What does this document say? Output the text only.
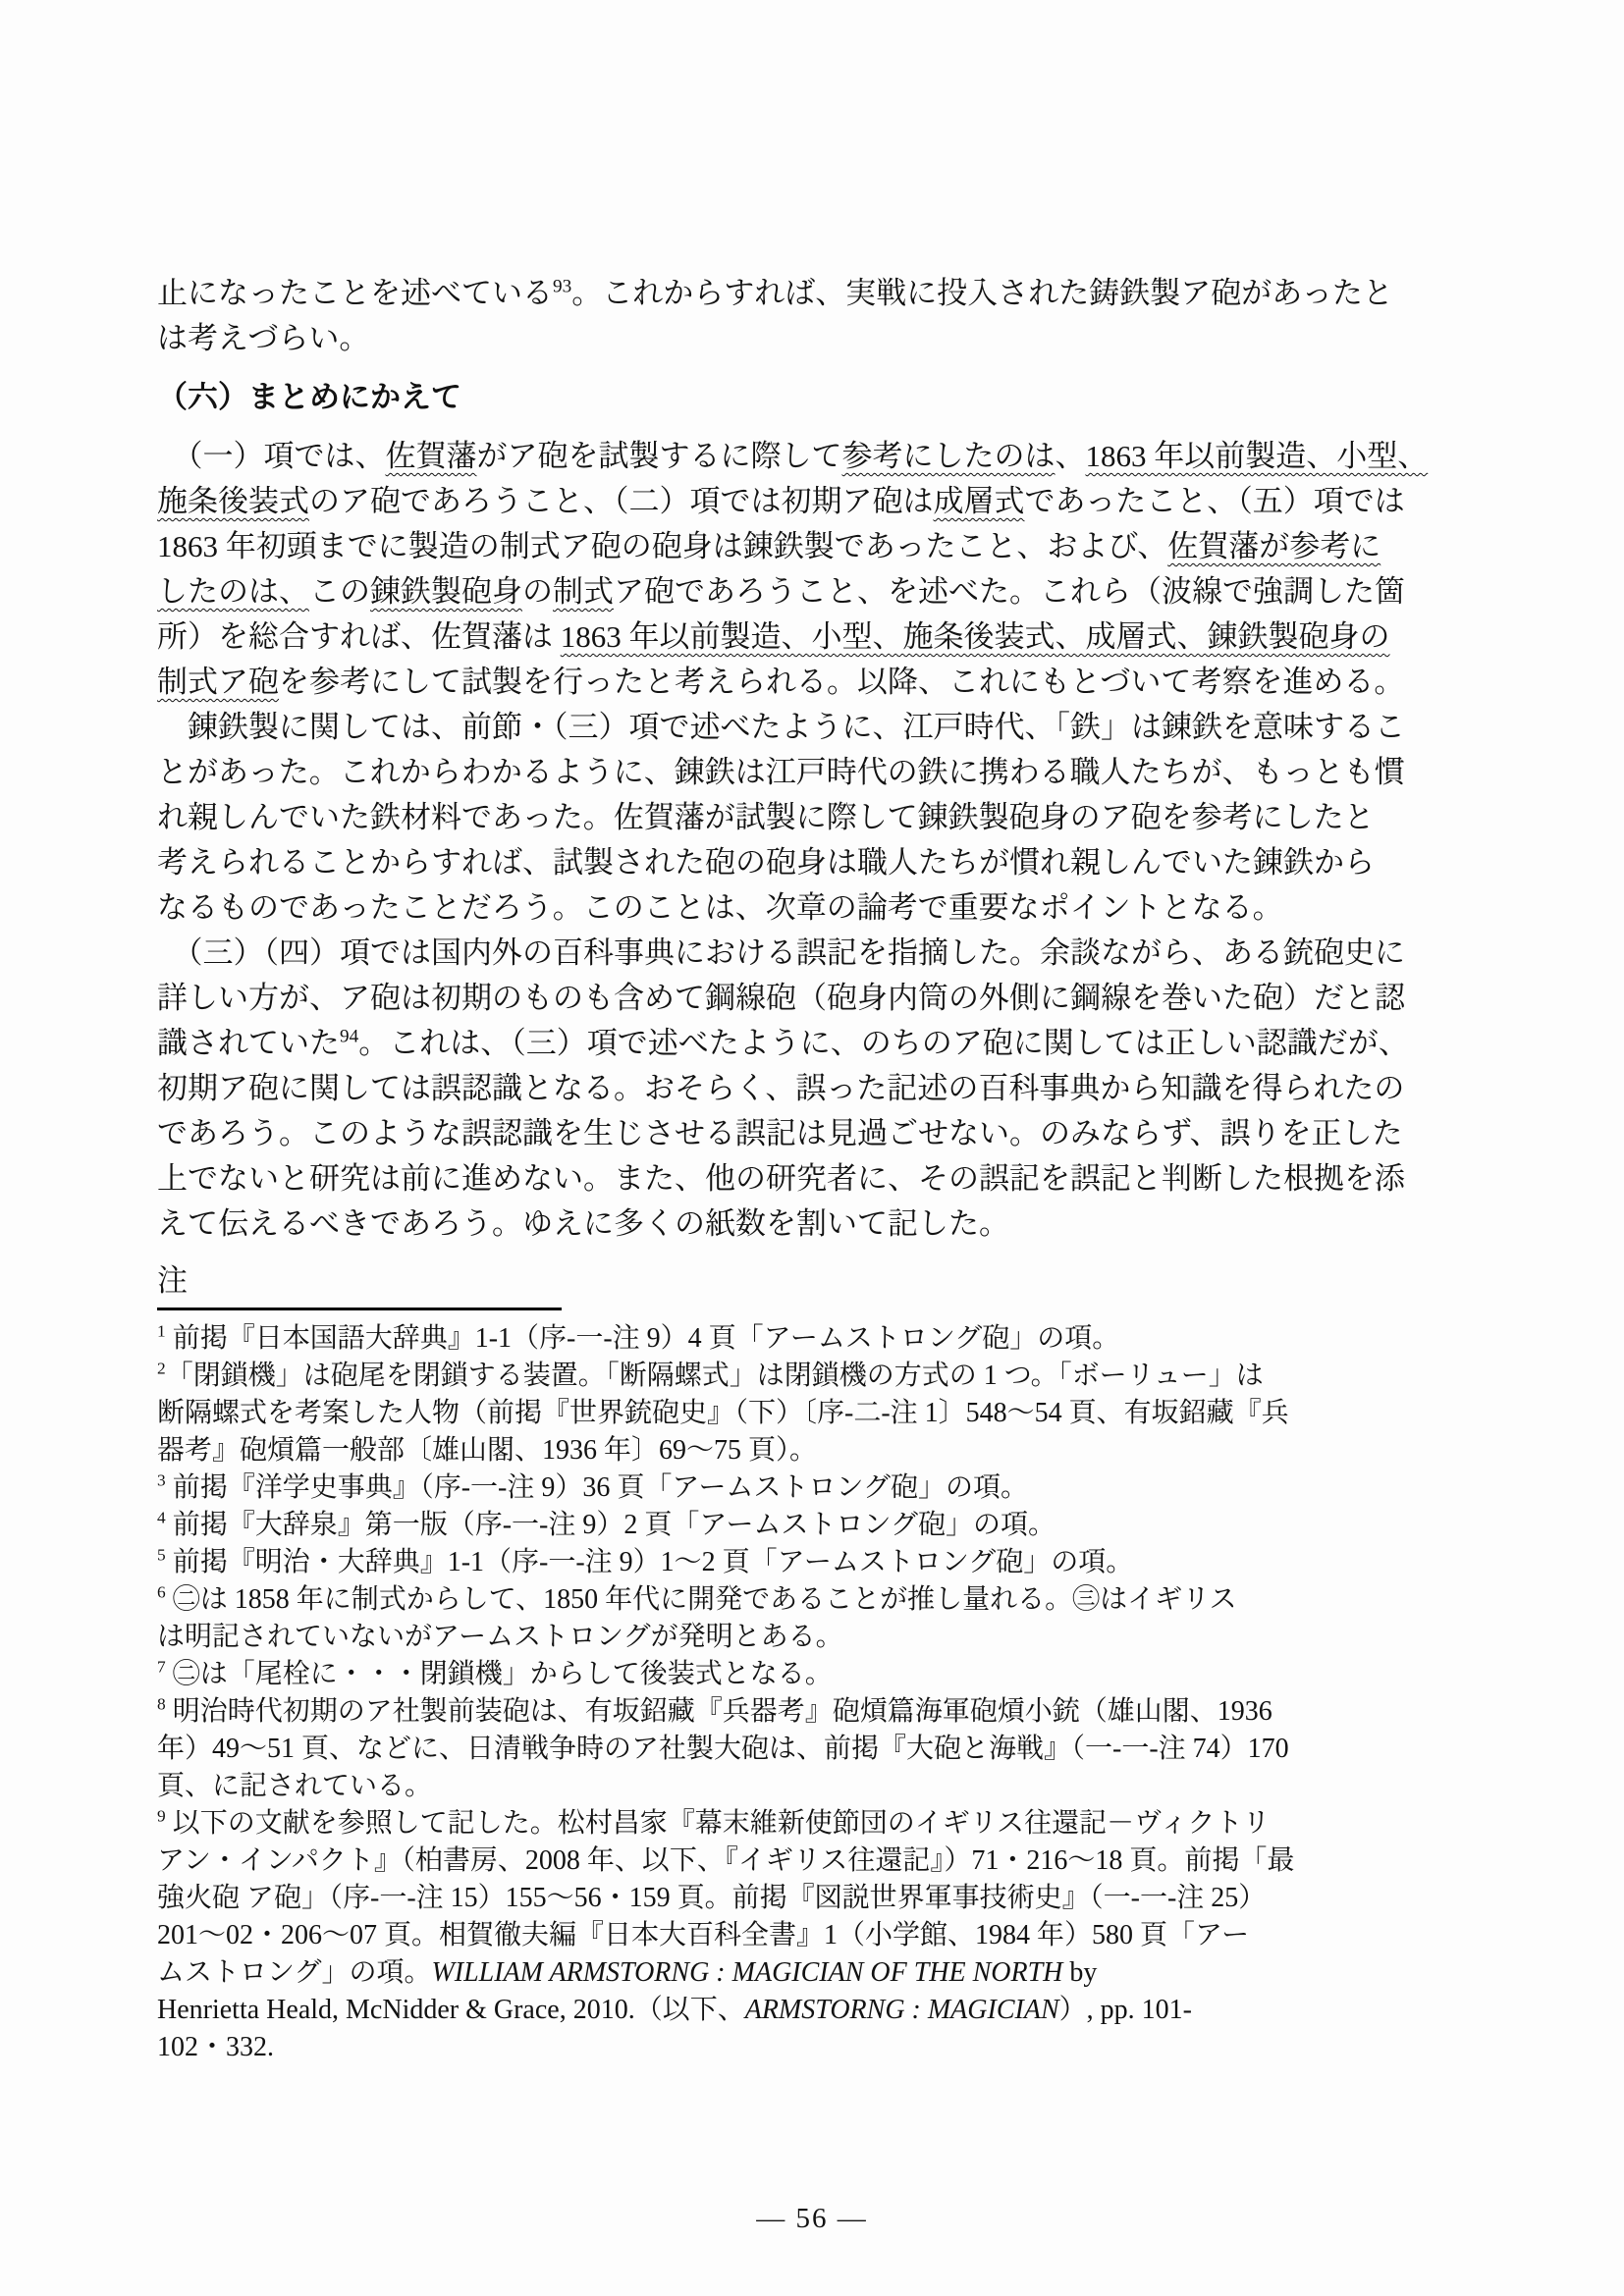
止になったことを述べている$^{93}$。これからすれば、実戦に投入された鋳鉄製ア砲があったと
は考えづらい。
（六）まとめにかえて
　（一）項では、佐賀藩がア砲を試製するに際して参考にしたのは、1863 年以前製造、小型、
施条後装式のア砲であろうこと、（二）項では初期ア砲は成層式であったこと、（五）項では
1863 年初頭までに製造の制式ア砲の砲身は錬鉄製であったこと、および、佐賀藩が参考に
したのは、この錬鉄製砲身の制式ア砲であろうこと、を述べた。これら（波線で強調した箇
所）を総合すれば、佐賀藩は 1863 年以前製造、小型、施条後装式、成層式、錬鉄製砲身の
制式ア砲を参考にして試製を行ったと考えられる。以降、これにもとづいて考察を進める。
　錬鉄製に関しては、前節・（三）項で述べたように、江戸時代、「鉄」は錬鉄を意味するこ
とがあった。これからわかるように、錬鉄は江戸時代の鉄に携わる職人たちが、もっとも慣
れ親しんでいた鉄材料であった。佐賀藩が試製に際して錬鉄製砲身のア砲を参考にしたと
考えられることからすれば、試製された砲の砲身は職人たちが慣れ親しんでいた錬鉄から
なるものであったことだろう。このことは、次章の論考で重要なポイントとなる。
　（三）（四）項では国内外の百科事典における誤記を指摘した。余談ながら、ある銃砲史に
詳しい方が、ア砲は初期のものも含めて鋼線砲（砲身内筒の外側に鋼線を巻いた砲）だと認
識されていた$^{94}$。これは、（三）項で述べたように、のちのア砲に関しては正しい認識だが、
初期ア砲に関しては誤認識となる。おそらく、誤った記述の百科事典から知識を得られたの
であろう。このような誤認識を生じさせる誤記は見過ごせない。のみならず、誤りを正した
上でないと研究は前に進めない。また、他の研究者に、その誤記を誤記と判断した根拠を添
えて伝えるべきであろう。ゆえに多くの紙数を割いて記した。
注
$^1$ 前掲『日本国語大辞典』1-1（序-一-注 9）4 頁「アームストロング砲」の項。
$^2$「閉鎖機」は砲尾を閉鎖する装置。「断隔螺式」は閉鎖機の方式の 1 つ。「ボーリュー」は
断隔螺式を考案した人物（前掲『世界銃砲史』（下）〔序-二-注 1〕548〜54 頁、有坂鉊藏『兵
器考』砲熕篇一般部〔雄山閣、1936 年〕69〜75 頁）。
$^3$ 前掲『洋学史事典』（序-一-注 9）36 頁「アームストロング砲」の項。
$^4$ 前掲『大辞泉』第一版（序-一-注 9）2 頁「アームストロング砲」の項。
$^5$ 前掲『明治・大辞典』1-1（序-一-注 9）1〜2 頁「アームストロング砲」の項。
$^6$ ㊁は 1858 年に制式からして、1850 年代に開発であることが推し量れる。㊂はイギリス
は明記されていないがアームストロングが発明とある。
$^7$ ㊁は「尾栓に・・・閉鎖機」からして後装式となる。
$^8$ 明治時代初期のア社製前装砲は、有坂鉊藏『兵器考』砲熕篇海軍砲熕小銃（雄山閣、1936
年）49〜51 頁、などに、日清戦争時のア社製大砲は、前掲『大砲と海戦』（一-一-注 74）170
頁、に記されている。
$^9$ 以下の文献を参照して記した。松村昌家『幕末維新使節団のイギリス往還記－ヴィクトリ
アン・インパクト』（柏書房、2008 年、以下、『イギリス往還記』）71・216〜18 頁。前掲「最
強火砲 ア砲」（序-一-注 15）155〜56・159 頁。前掲『図説世界軍事技術史』（一-一-注 25）
201〜02・206〜07 頁。相賀徹夫編『日本大百科全書』1（小学館、1984 年）580 頁「アー
ムストロング」の項。WILLIAM ARMSTORNG : MAGICIAN OF THE NORTH by
Henrietta Heald, McNidder & Grace, 2010.（以下、ARMSTORNG : MAGICIAN）, pp. 101-
102・332.
― 56 ―
